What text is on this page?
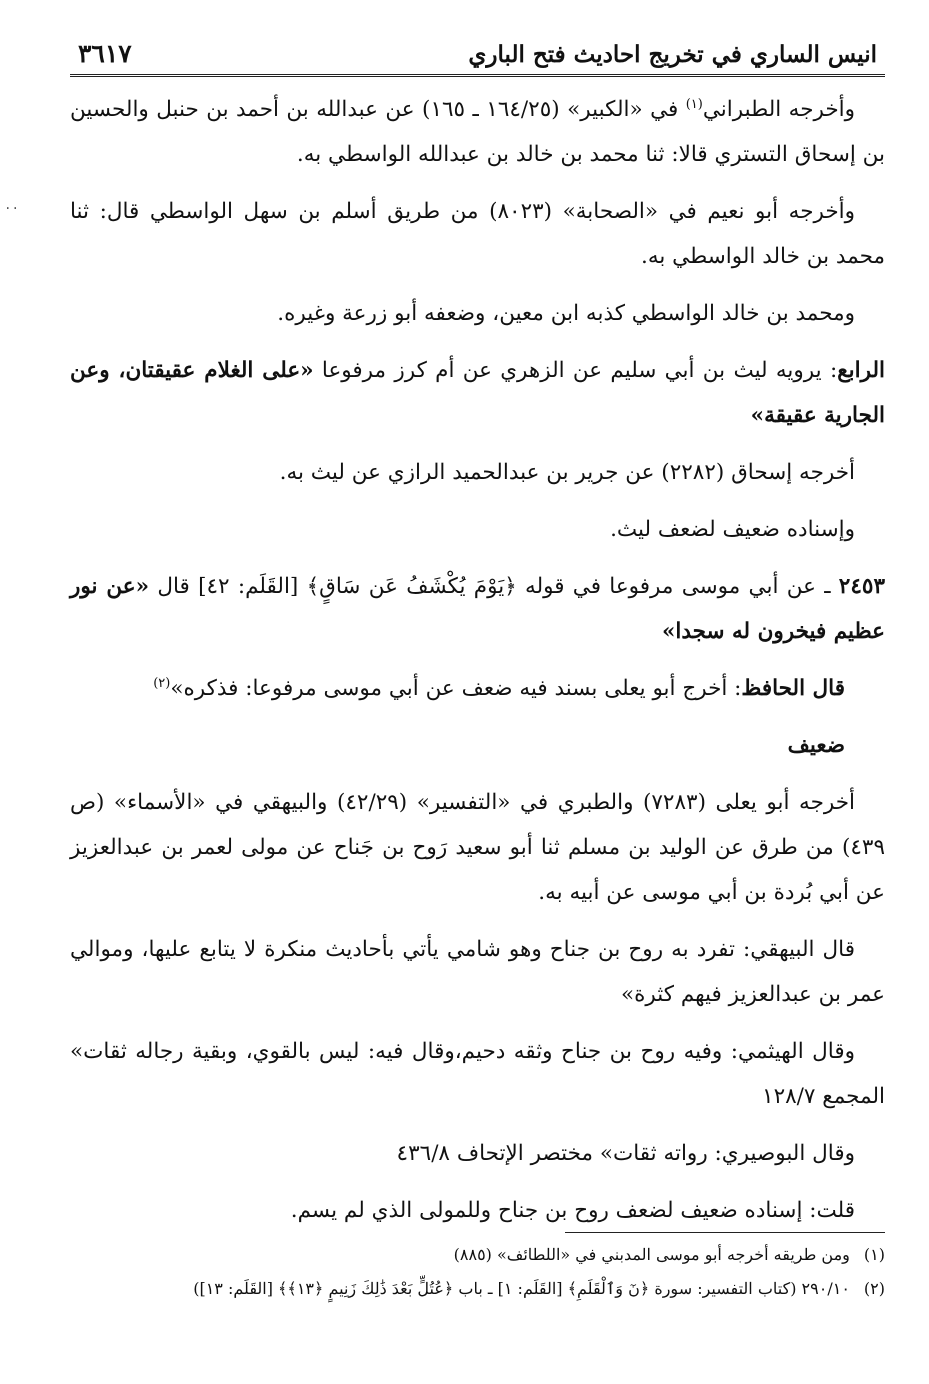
٠٠
انيس الساري في تخريج احاديث فتح الباري
٣٦١٧

وأخرجه الطبراني$^{(١)}$ في «الكبير» (١٦٤/٢٥ ـ ١٦٥) عن عبدالله بن أحمد بن حنبل والحسين بن إسحاق التستري قالا: ثنا محمد بن خالد بن عبدالله الواسطي به.

وأخرجه أبو نعيم في «الصحابة» (٨٠٢٣) من طريق أسلم بن سهل الواسطي قال: ثنا محمد بن خالد الواسطي به.

ومحمد بن خالد الواسطي كذبه ابن معين، وضعفه أبو زرعة وغيره.

الرابع: يرويه ليث بن أبي سليم عن الزهري عن أم كرز مرفوعا «على الغلام عقيقتان، وعن الجارية عقيقة»

أخرجه إسحاق (٢٢٨٢) عن جرير بن عبدالحميد الرازي عن ليث به.

وإسناده ضعيف لضعف ليث.

٢٤٥٣ ـ عن أبي موسى مرفوعا في قوله ﴿يَوْمَ يُكْشَفُ عَن سَاقٍ﴾ [القَلَم: ٤٢] قال «عن نور عظيم فيخرون له سجدا»

قال الحافظ: أخرج أبو يعلى بسند فيه ضعف عن أبي موسى مرفوعا: فذكره»$^{(٢)}$

ضعيف

أخرجه أبو يعلى (٧٢٨٣) والطبري في «التفسير» (٤٢/٢٩) والبيهقي في «الأسماء» (ص ٤٣٩) من طرق عن الوليد بن مسلم ثنا أبو سعيد رَوح بن جَناح عن مولى لعمر بن عبدالعزيز عن أبي بُردة بن أبي موسى عن أبيه به.

قال البيهقي: تفرد به روح بن جناح وهو شامي يأتي بأحاديث منكرة لا يتابع عليها، وموالي عمر بن عبدالعزيز فيهم كثرة»

وقال الهيثمي: وفيه روح بن جناح وثقه دحيم،وقال فيه: ليس بالقوي، وبقية رجاله ثقات» المجمع ١٢٨/٧

وقال البوصيري: رواته ثقات» مختصر الإتحاف ٤٣٦/٨

قلت: إسناده ضعيف لضعف روح بن جناح وللمولى الذي لم يسم.

(١) ومن طريقه أخرجه أبو موسى المدبني في «اللطائف» (٨٨٥)

(٢) ٢٩٠/١٠ (كتاب التفسير: سورة ﴿نٓ وَٱلْقَلَمِ﴾ [القَلَم: ١] ـ باب ﴿عُتُلٍّ بَعْدَ ذَٰلِكَ زَنِيمٍ ﴿١٣﴾﴾ [القَلَم: ١٣])
